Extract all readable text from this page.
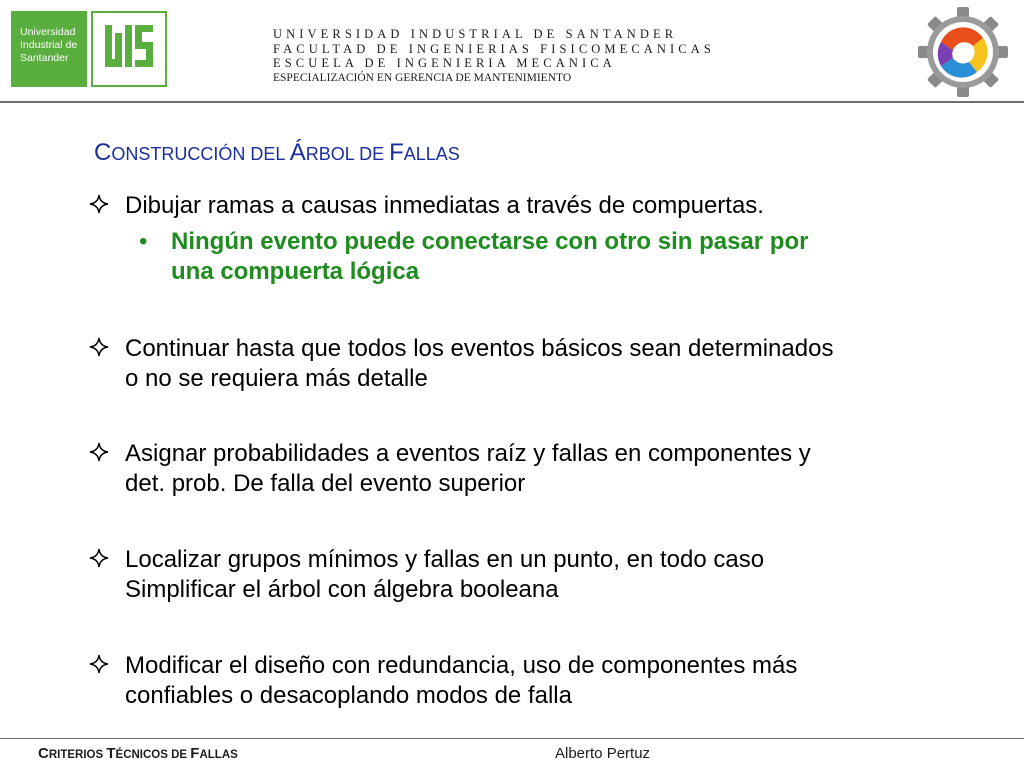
Universidad
Industrial de
Santander
UNIVERSIDAD INDUSTRIAL DE SANTANDER
FACULTAD DE INGENIERIAS FISICOMECANICAS
ESCUELA DE INGENIERIA MECANICA
ESPECIALIZACIÓN EN GERENCIA DE MANTENIMIENTO
CONSTRUCCIÓN DEL ÁRBOL DE FALLAS
Dibujar ramas a causas inmediatas a través de compuertas.
• Ningún evento puede conectarse con otro sin pasar por
una compuerta lógica
Continuar hasta que todos los eventos básicos sean determinados
o no se requiera más detalle
Asignar probabilidades a eventos raíz y fallas en componentes y
det. prob. De falla del evento superior
Localizar grupos mínimos y fallas en un punto, en todo caso
Simplificar el árbol con álgebra booleana
Modificar el diseño con redundancia, uso de componentes más
confiables o desacoplando modos de falla
CRITERIOS TÉCNICOS DE FALLAS	Alberto Pertuz
